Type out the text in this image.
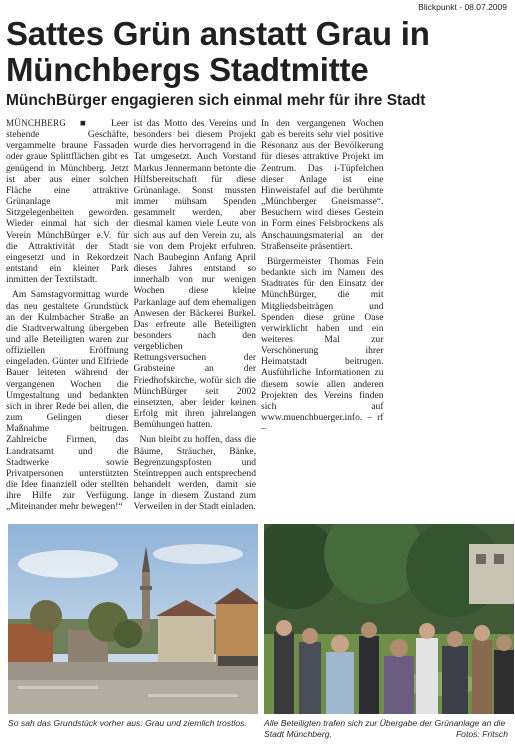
Blickpunkt - 08.07.2009
Sattes Grün anstatt Grau in Münchbergs Stadtmitte
MünchBürger engagieren sich einmal mehr für ihre Stadt

MÜNCHBERG ■ Leer stehende Geschäfte, vergammelte braune Fassaden oder graue Splittflächen gibt es genügend in Münchberg. Jetzt ist aber aus einer solchen Fläche eine attraktive Grünanlage mit Sitzgelegenheiten geworden. Wieder einmal hat sich der Verein MünchBürger e.V. für die Attraktivität der Stadt eingesetzt und in Rekordzeit entstand ein kleiner Park inmitten der Textilstadt.

Am Samstagvormittag wurde das neu gestaltete Grundstück an der Kulmbacher Straße an die Stadtverwaltung übergeben und alle Beteiligten waren zur offiziellen Eröffnung eingeladen. Günter und Elfriede Bauer leiteten während der vergangenen Wochen die Umgestaltung und bedankten sich in ihrer Rede bei allen, die zum Gelingen dieser Maßnahme beitrugen. Zahlreiche Firmen, das Landratsamt und die Stadtwerke sowie Privatpersonen unterstützten die Idee finanziell oder stellten ihre Hilfe zur Verfügung. „Miteinander mehr bewegen!“

ist das Motto des Vereins und besonders bei diesem Projekt wurde dies hervorragend in die Tat umgesetzt. Auch Vorstand Markus Jennermann betonte die Hilfsbereitschaft für diese Grünanlage. Sonst mussten immer mühsam Spenden gesammelt werden, aber diesmal kamen viele Leute von sich aus auf den Verein zu, als sie von dem Projekt erfuhren. Nach Baubeginn Anfang April dieses Jahres entstand so innerhalb von nur wenigen Wochen diese kleine Parkanlage auf dem ehemaligen Anwesen der Bäckerei Burkel. Das erfreute alle Beteiligten besonders nach den vergeblichen Rettungsversuchen der Grabsteine an der Friedhofskirche, wofür sich die MünchBürger seit 2002 einsetzten, aber leider keinen Erfolg mit ihren jahrelangen Bemühungen hatten.

Nun bleibt zu hoffen, dass die Bäume, Sträucher, Bänke, Begrenzungspfosten und Steintreppen auch entsprechend behandelt werden, damit sie lange in diesem Zustand zum Verweilen in der Stadt einladen.

In den vergangenen Wochen gab es bereits sehr viel positive Resonanz aus der Bevölkerung für dieses attraktive Projekt im Zentrum. Das i-Tüpfelchen dieser Anlage ist eine Hinweistafel auf die berühmte „Münchberger Gneismasse“. Besuchern wird dieses Gestein in Form eines Felsbrockens als Anschauungsmaterial an der Straßenseite präsentiert.

Bürgermeister Thomas Fein bedankte sich im Namen des Stadtrates für den Einsatz der MünchBürger, die mit Mitgliedsbeiträgen und Spenden diese grüne Oase verwirklicht haben und ein weiteres Mal zur Verschönerung ihrer Heimatstadt beitrugen. Ausführliche Informationen zu diesem sowie allen anderen Projekten des Vereins finden sich auf www.muenchbuerger.info. – rf –

So sah das Grundstück vorher aus: Grau und ziemlich trostlos.	Alle Beteiligten trafen sich zur Übergabe der Grünanlage an die Stadt Münchberg.	Fotos: Fritsch
